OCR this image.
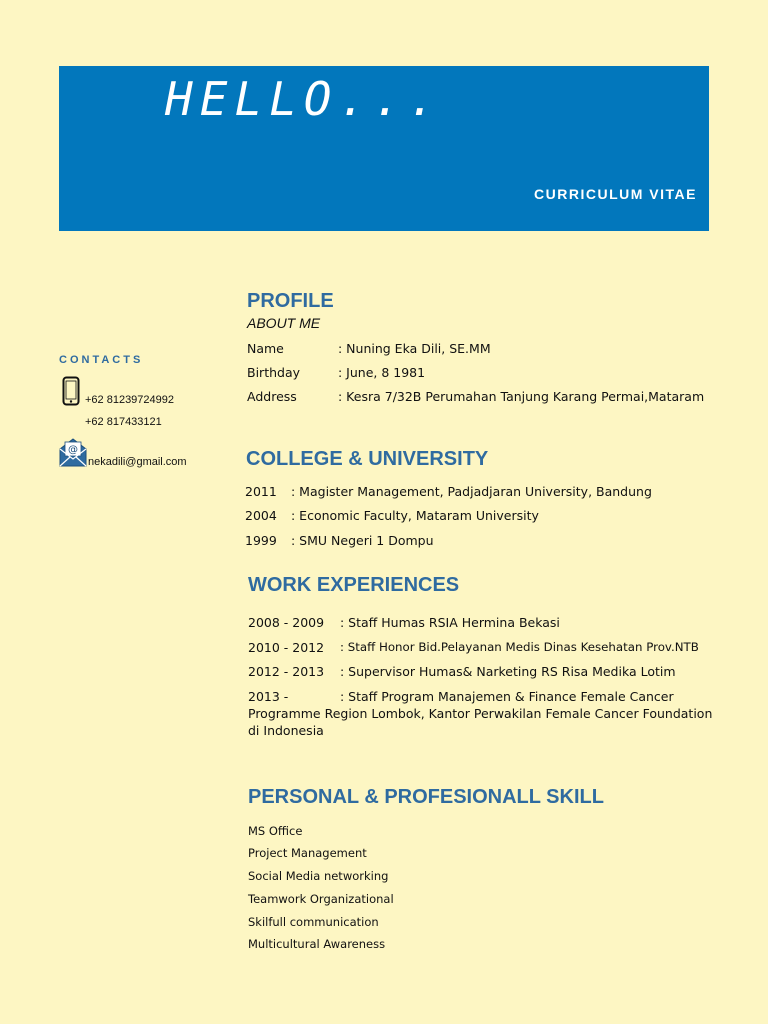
HELLO...
CURRICULUM VITAE
CONTACTS
+62 81239724992
+62 817433121
@
nekadili@gmail.com
PROFILE
ABOUT ME
Name	: Nuning Eka Dili, SE.MM
Birthday	: June, 8 1981
Address	: Kesra 7/32B Perumahan Tanjung Karang Permai,Mataram
COLLEGE & UNIVERSITY
2011 : Magister Management, Padjadjaran University, Bandung
2004 : Economic Faculty, Mataram University
1999 : SMU Negeri 1 Dompu
WORK EXPERIENCES
2008 - 2009 : Staff Humas RSIA Hermina Bekasi
2010 - 2012 : Staff Honor Bid.Pelayanan Medis Dinas Kesehatan Prov.NTB
2012 - 2013 : Supervisor Humas& Narketing RS Risa Medika Lotim
2013 -	: Staff Program Manajemen & Finance Female Cancer Programme Region Lombok, Kantor Perwakilan Female Cancer Foundation di Indonesia
PERSONAL & PROFESIONALL SKILL
MS Office
Project Management
Social Media networking
Teamwork Organizational
Skilfull communication
Multicultural Awareness
